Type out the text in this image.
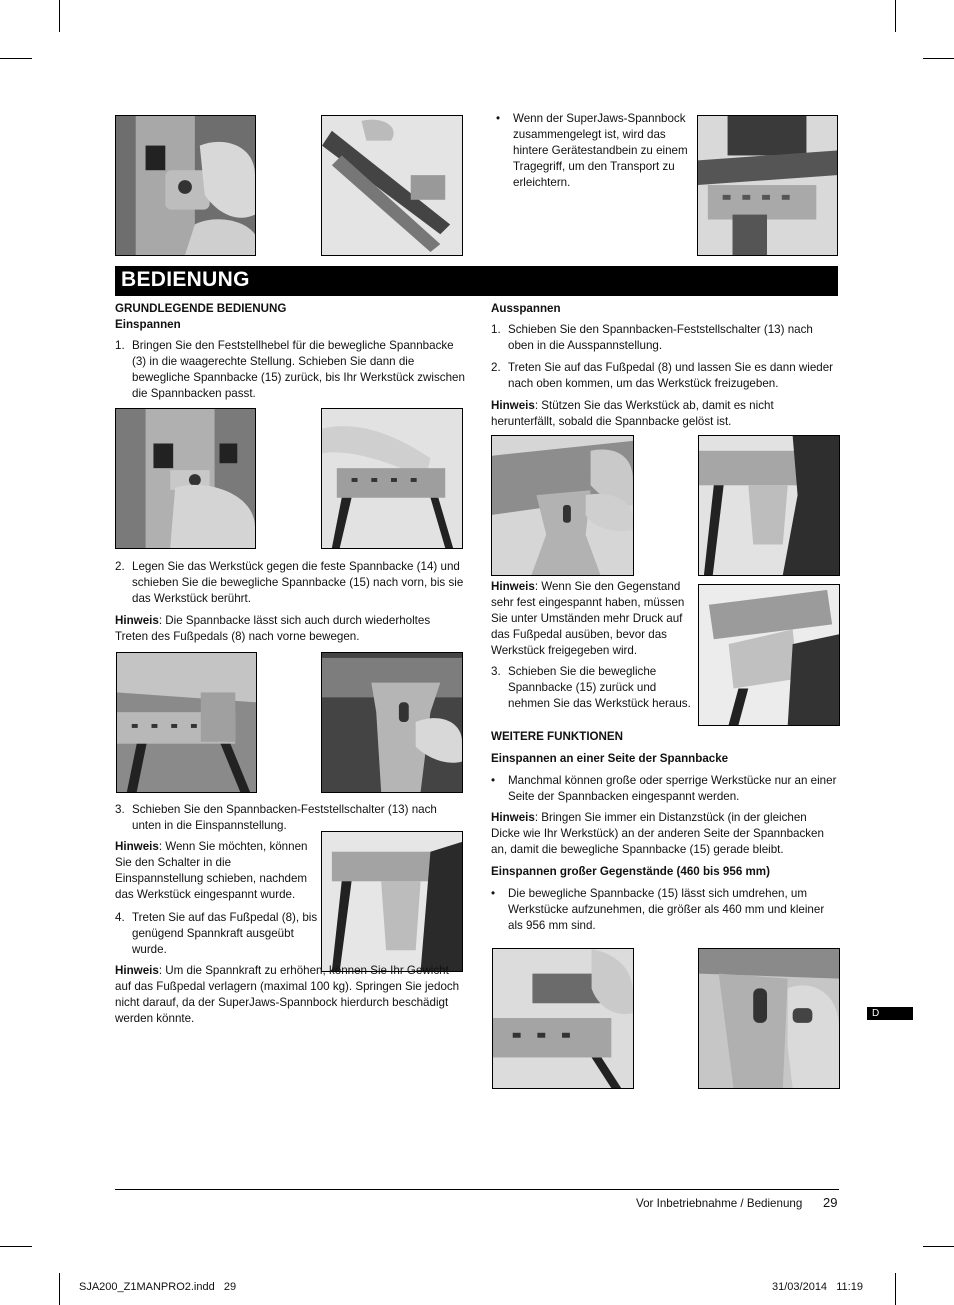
• Wenn der SuperJaws-Spannbock zusammengelegt ist, wird das hintere Gerätestandbein zu einem Tragegriff, um den Transport zu erleichtern.
BEDIENUNG
GRUNDLEGENDE BEDIENUNG
Einspannen
1. Bringen Sie den Feststellhebel für die bewegliche Spannbacke (3) in die waagerechte Stellung. Schieben Sie dann die bewegliche Spannbacke (15) zurück, bis Ihr Werkstück zwischen die Spannbacken passt.
2. Legen Sie das Werkstück gegen die feste Spannbacke (14) und schieben Sie die bewegliche Spannbacke (15) nach vorn, bis sie das Werkstück berührt.
Hinweis: Die Spannbacke lässt sich auch durch wiederholtes Treten des Fußpedals (8) nach vorne bewegen.
3. Schieben Sie den Spannbacken-Feststellschalter (13) nach unten in die Einspannstellung.
Hinweis: Wenn Sie möchten, können Sie den Schalter in die Einspannstellung schieben, nachdem das Werkstück eingespannt wurde.
4. Treten Sie auf das Fußpedal (8), bis genügend Spannkraft ausgeübt wurde.
Hinweis : Um die Spannkraft zu erhöhen, können Sie Ihr Gewicht auf das Fußpedal verlagern (maximal 100 kg). Springen Sie jedoch nicht darauf, da der SuperJaws-Spannbock hierdurch beschädigt werden könnte.
Ausspannen
1. Schieben Sie den Spannbacken-Feststellschalter (13) nach oben in die Ausspannstellung.
2. Treten Sie auf das Fußpedal (8) und lassen Sie es dann wieder nach oben kommen, um das Werkstück freizugeben.
Hinweis: Stützen Sie das Werkstück ab, damit es nicht herunterfällt, sobald die Spannbacke gelöst ist.
Hinweis: Wenn Sie den Gegenstand sehr fest eingespannt haben, müssen Sie unter Umständen mehr Druck auf das Fußpedal ausüben, bevor das Werkstück freigegeben wird.
3. Schieben Sie die bewegliche Spannbacke (15) zurück und nehmen Sie das Werkstück heraus.
WEITERE FUNKTIONEN
Einspannen an einer Seite der Spannbacke
• Manchmal können große oder sperrige Werkstücke nur an einer Seite der Spannbacken eingespannt werden.
Hinweis: Bringen Sie immer ein Distanzstück (in der gleichen Dicke wie Ihr Werkstück) an der anderen Seite der Spannbacken an, damit die bewegliche Spannbacke (15) gerade bleibt.
Einspannen großer Gegenstände (460 bis 956 mm)
• Die bewegliche Spannbacke (15) lässt sich umdrehen, um Werkstücke aufzunehmen, die größer als 460 mm und kleiner als 956 mm sind.
D
Vor Inbetriebnahme / Bedienung 29
SJA200_Z1MANPRO2.indd   29	31/03/2014   11:19
